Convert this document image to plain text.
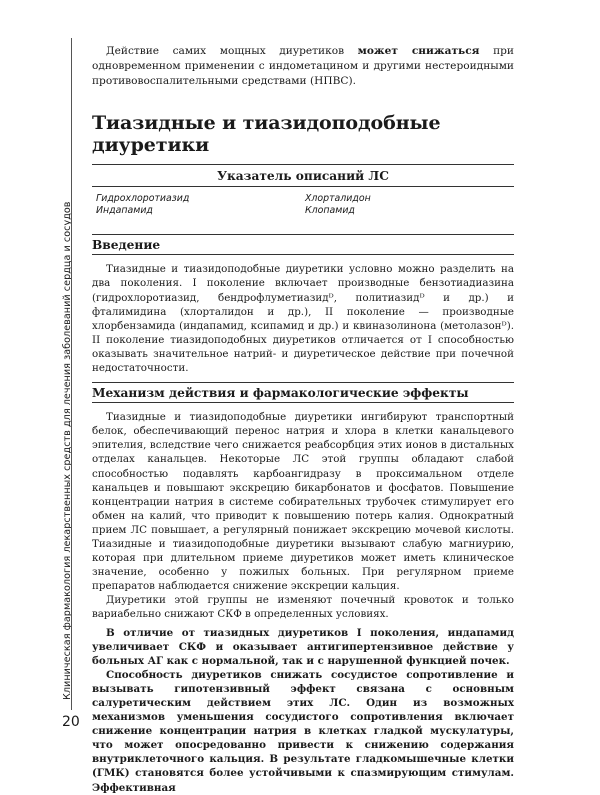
Клиническая фармакология лекарственных средств для лечения заболеваний сердца и сосудов
20

Действие самих мощных диуретиков может снижаться при одновременном применении с индометацином и другими нестероидными противовоспалительными средствами (НПВС).

Тиазидные и тиазидоподобные диуретики
Указатель описаний ЛС
Гидрохлоротиазид	Хлорталидон
Индапамид	Клопамид
Введение

Тиазидные и тиазидоподобные диуретики условно можно разделить на два поколения. I поколение включает производные бензотиадиазина (гидрохлоротиазид, бендрофлуметиазидᴰ, политиазидᴰ и др.) и фталимидина (хлорталидон и др.), II поколение — производные хлорбензамида (индапамид, ксипамид и др.) и квиназолинона (метолазонᴰ). II поколение тиазидоподобных диуретиков отличается от I способностью оказывать значительное натрий- и диуретическое действие при почечной недостаточности.

Механизм действия и фармакологические эффекты

Тиазидные и тиазидоподобные диуретики ингибируют транспортный белок, обеспечивающий перенос натрия и хлора в клетки канальцевого эпителия, вследствие чего снижается реабсорбция этих ионов в дистальных отделах канальцев. Некоторые ЛС этой группы обладают слабой способностью подавлять карбоангидразу в проксимальном отделе канальцев и повышают экскрецию бикарбонатов и фосфатов. Повышение концентрации натрия в системе собирательных трубочек стимулирует его обмен на калий, что приводит к повышению потерь калия. Однократный прием ЛС повышает, а регулярный понижает экскрецию мочевой кислоты. Тиазидные и тиазидоподобные диуретики вызывают слабую магниурию, которая при длительном приеме диуретиков может иметь клиническое значение, особенно у пожилых больных. При регулярном приеме препаратов наблюдается снижение экскреции кальция.

Диуретики этой группы не изменяют почечный кровоток и только вариабельно снижают СКФ в определенных условиях.

В отличие от тиазидных диуретиков I поколения, индапамид увеличивает СКФ и оказывает антигипертензивное действие у больных АГ как с нормальной, так и с нарушенной функцией почек.

Способность диуретиков снижать сосудистое сопротивление и вызывать гипотензивный эффект связана с основным салуретическим действием этих ЛС. Один из возможных механизмов уменьшения сосудистого сопротивления включает снижение концентрации натрия в клетках гладкой мускулатуры, что может опосредованно привести к снижению содержания внутриклеточного кальция. В результате гладкомышечные клетки (ГМК) становятся более устойчивыми к спазмирующим стимулам. Эффективная
